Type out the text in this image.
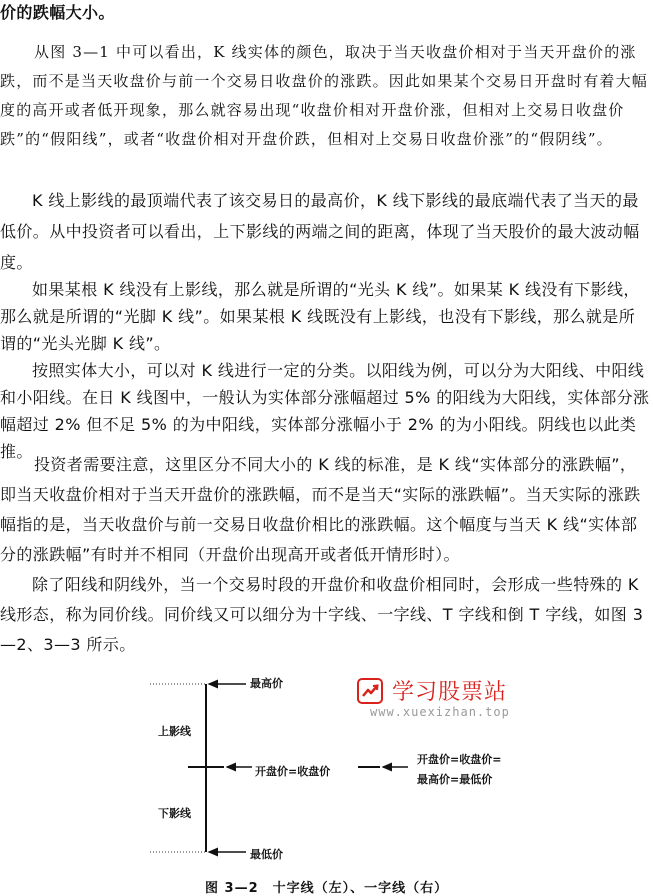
价的跌幅大小。

从图 3—1 中可以看出，K 线实体的颜色，取决于当天收盘价相对于当天开盘价的涨跌，而不是当天收盘价与前一个交易日收盘价的涨跌。因此如果某个交易日开盘时有着大幅度的高开或者低开现象，那么就容易出现“收盘价相对开盘价涨，但相对上交易日收盘价跌”的“假阳线”，或者“收盘价相对开盘价跌，但相对上交易日收盘价涨”的“假阴线”。

K 线上影线的最顶端代表了该交易日的最高价，K 线下影线的最底端代表了当天的最低价。从中投资者可以看出，上下影线的两端之间的距离，体现了当天股价的最大波动幅度。

如果某根 K 线没有上影线，那么就是所谓的“光头 K 线”。如果某 K 线没有下影线，那么就是所谓的“光脚 K 线”。如果某根 K 线既没有上影线，也没有下影线，那么就是所谓的“光头光脚 K 线”。

按照实体大小，可以对 K 线进行一定的分类。以阳线为例，可以分为大阳线、中阳线和小阳线。在日 K 线图中，一般认为实体部分涨幅超过 5% 的阳线为大阳线，实体部分涨幅超过 2% 但不足 5% 的为中阳线，实体部分涨幅小于 2% 的为小阳线。阴线也以此类推。

投资者需要注意，这里区分不同大小的 K 线的标准，是 K 线“实体部分的涨跌幅”，即当天收盘价相对于当天开盘价的涨跌幅，而不是当天“实际的涨跌幅”。当天实际的涨跌幅指的是，当天收盘价与前一交易日收盘价相比的涨跌幅。这个幅度与当天 K 线“实体部分的涨跌幅”有时并不相同（开盘价出现高开或者低开情形时）。

除了阳线和阴线外，当一个交易时段的开盘价和收盘价相同时，会形成一些特殊的 K 线形态，称为同价线。同价线又可以细分为十字线、一字线、T 字线和倒 T 字线，如图 3—2、3—3 所示。

最高价
上影线
开盘价=收盘价
下影线
最低价
开盘价=收盘价=
最高价=最低价
图 3—2　十字线（左）、一字线（右）
学习股票站
www.xuexizhan.top
